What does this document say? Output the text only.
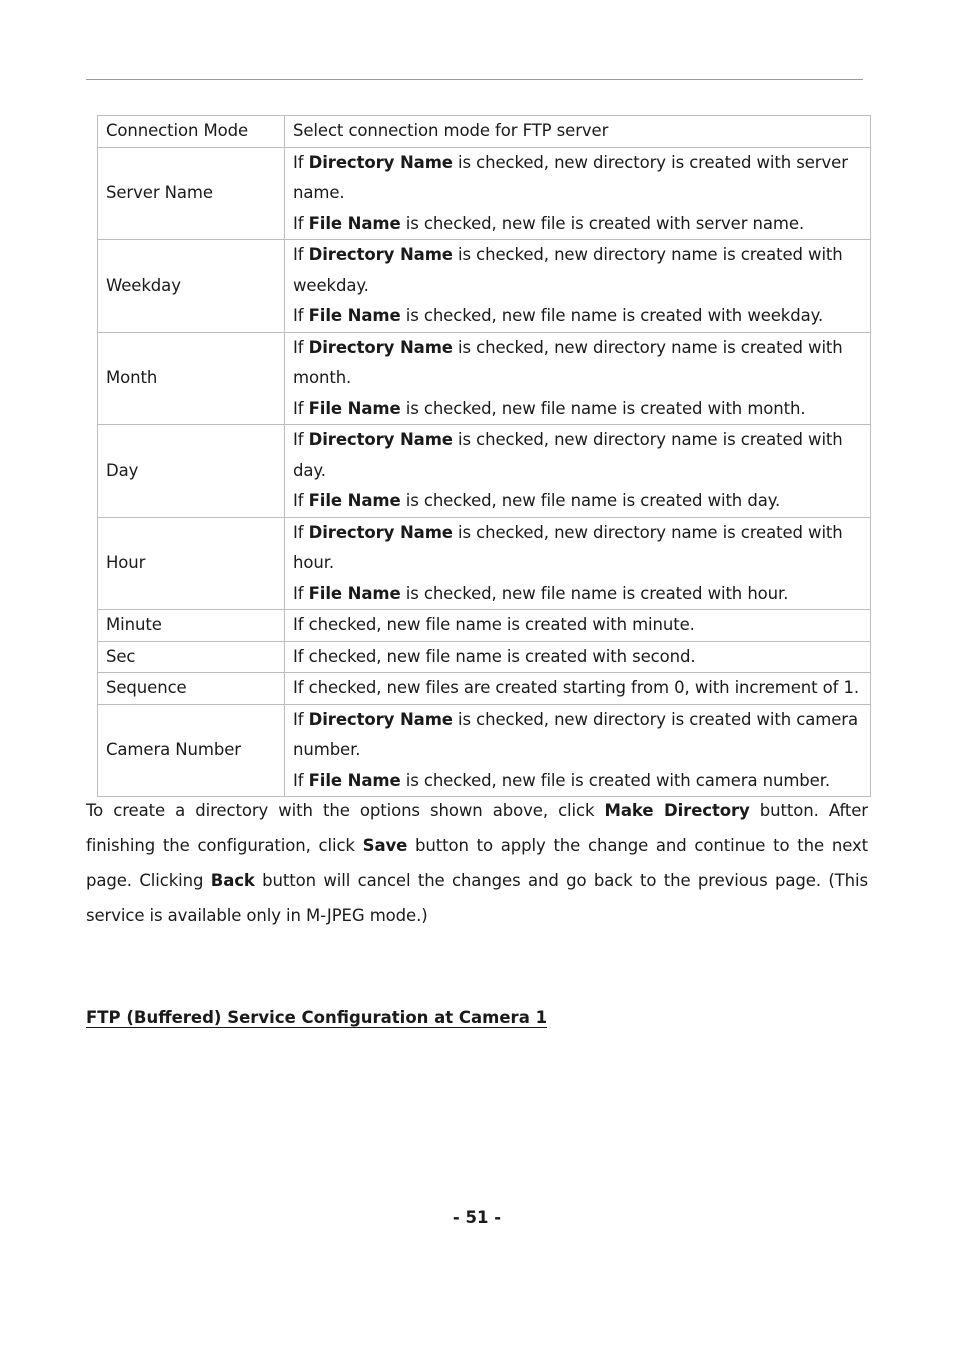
Connection Mode	Select connection mode for FTP server

Server Name	If Directory Name is checked, new directory is created with server
name.
If File Name is checked, new file is created with server name.

Weekday	If Directory Name is checked, new directory name is created with
weekday.
If File Name is checked, new file name is created with weekday.

Month	If Directory Name is checked, new directory name is created with
month.
If File Name is checked, new file name is created with month.

Day	If Directory Name is checked, new directory name is created with
day.
If File Name is checked, new file name is created with day.

Hour	If Directory Name is checked, new directory name is created with
hour.
If File Name is checked, new file name is created with hour.

Minute	If checked, new file name is created with minute.

Sec	If checked, new file name is created with second.

Sequence	If checked, new files are created starting from 0, with increment of 1.

Camera Number	If Directory Name is checked, new directory is created with camera
number.
If File Name is checked, new file is created with camera number.
To create a directory with the options shown above, click Make Directory button. After finishing the configuration, click Save button to apply the change and continue to the next page. Clicking Back button will cancel the changes and go back to the previous page. (This service is available only in M-JPEG mode.)
FTP (Buffered) Service Configuration at Camera 1
- 51 -
